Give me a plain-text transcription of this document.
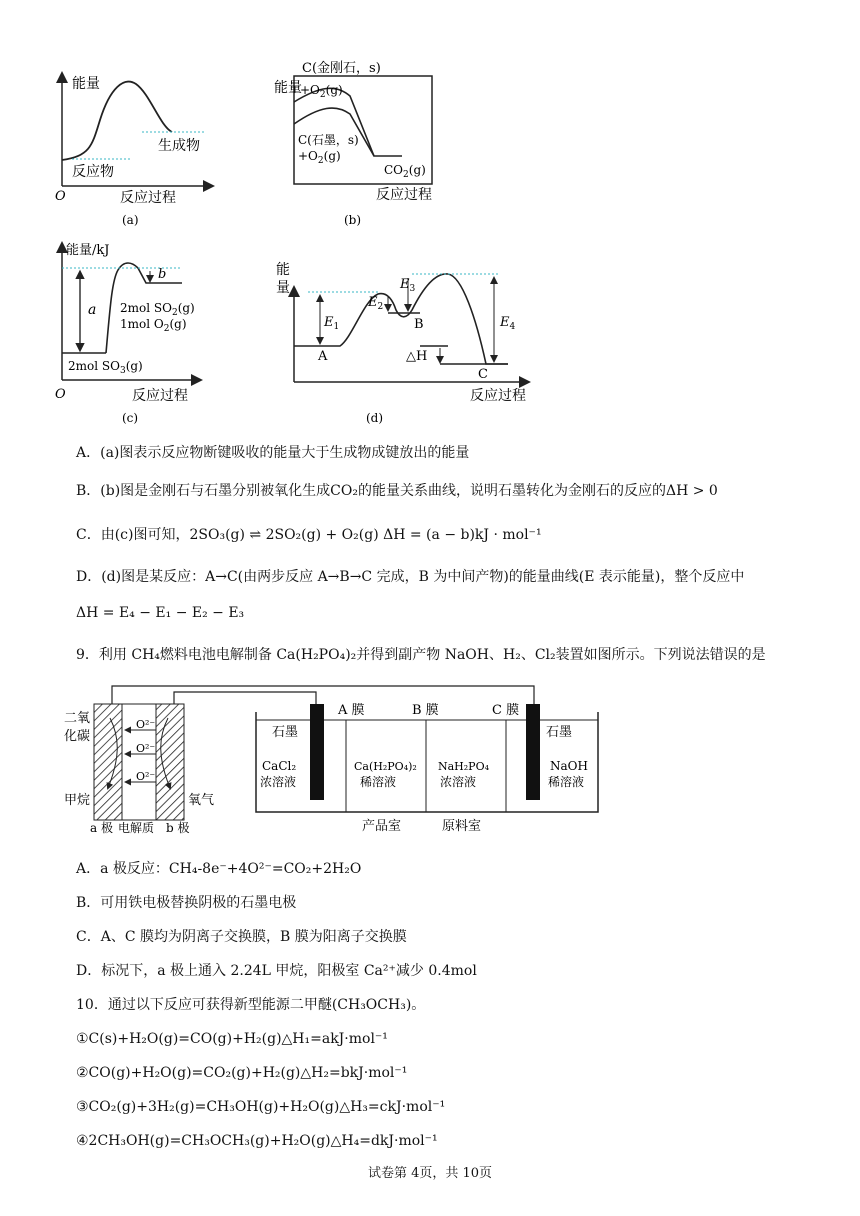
能量
生成物
反应物
O	反应过程
(a)
C(金刚石，s)
能量
$+O_2(g)$
C(石墨，s)
$+O_2(g)$
$CO_2(g)$
反应过程
(b)
能量/kJ
b
a 2mol $SO_2(g)$
1mol $O_2(g)$
2mol $SO_3(g)$
O	反应过程
(c)
能
量
$E_1$
$E_2$
$E_3$
$E_4$
A
B
C
△H
反应过程
(d)
A．(a)图表示反应物断键吸收的能量大于生成物成键放出的能量
B．(b)图是金刚石与石墨分别被氧化生成CO₂的能量关系曲线，说明石墨转化为金刚石的反应的ΔH > 0
C．由(c)图可知，2SO₃(g) ⇌ 2SO₂(g) + O₂(g) ΔH = (a − b)kJ · mol⁻¹
D．(d)图是某反应：A→C(由两步反应 A→B→C 完成，B 为中间产物)的能量曲线(E 表示能量)，整个反应中
ΔH = E₄ − E₁ − E₂ − E₃
9．利用 CH₄燃料电池电解制备 Ca(H₂PO₄)₂并得到副产物 NaOH、H₂、Cl₂装置如图所示。下列说法错误的是
O²⁻
O²⁻
O²⁻
二氧
化碳
甲烷	氧气
a 极 电解质 b 极
石墨	石墨
A 膜	B 膜	C 膜
CaCl₂
浓溶液
Ca(H₂PO₄)₂
稀溶液
NaH₂PO₄
浓溶液
NaOH
稀溶液
产品室	原料室
A．a 极反应：CH₄-8e⁻+4O²⁻=CO₂+2H₂O
B．可用铁电极替换阴极的石墨电极
C．A、C 膜均为阴离子交换膜，B 膜为阳离子交换膜
D．标况下，a 极上通入 2.24L 甲烷，阳极室 Ca²⁺减少 0.4mol
10．通过以下反应可获得新型能源二甲醚(CH₃OCH₃)。
①C(s)+H₂O(g)=CO(g)+H₂(g)△H₁=akJ·mol⁻¹
②CO(g)+H₂O(g)=CO₂(g)+H₂(g)△H₂=bkJ·mol⁻¹
③CO₂(g)+3H₂(g)=CH₃OH(g)+H₂O(g)△H₃=ckJ·mol⁻¹
④2CH₃OH(g)=CH₃OCH₃(g)+H₂O(g)△H₄=dkJ·mol⁻¹
试卷第 4页，共 10页
